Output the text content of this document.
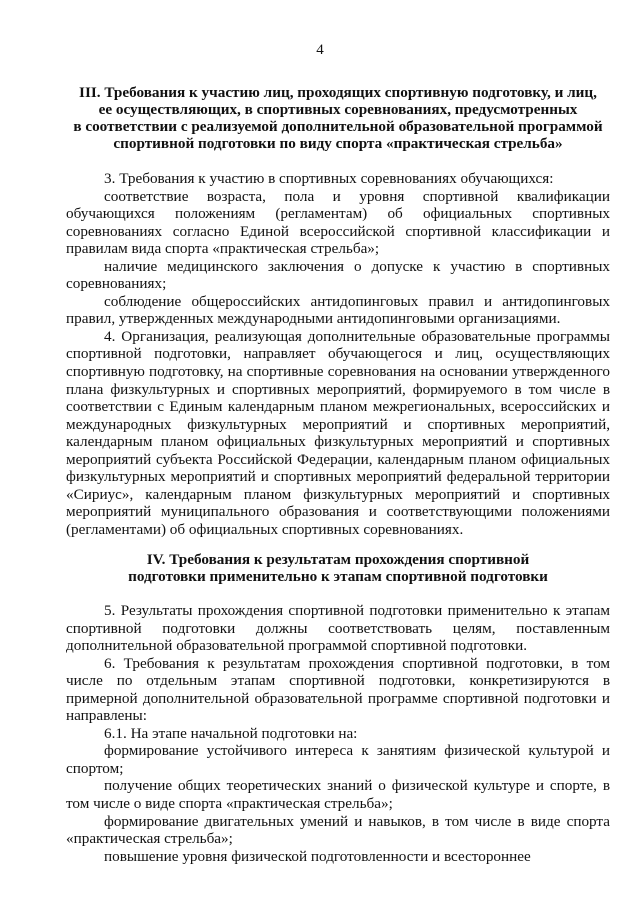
4
III. Требования к участию лиц, проходящих спортивную подготовку, и лиц,
ее осуществляющих, в спортивных соревнованиях, предусмотренных
в соответствии с реализуемой дополнительной образовательной программой
спортивной подготовки по виду спорта «практическая стрельба»

3. Требования к участию в спортивных соревнованиях обучающихся:

соответствие возраста, пола и уровня спортивной квалификации обучающихся положениям (регламентам) об официальных спортивных соревнованиях согласно Единой всероссийской спортивной классификации и правилам вида спорта «практическая стрельба»;

наличие медицинского заключения о допуске к участию в спортивных соревнованиях;

соблюдение общероссийских антидопинговых правил и антидопинговых правил, утвержденных международными антидопинговыми организациями.

4. Организация, реализующая дополнительные образовательные программы спортивной подготовки, направляет обучающегося и лиц, осуществляющих спортивную подготовку, на спортивные соревнования на основании утвержденного плана физкультурных и спортивных мероприятий, формируемого в том числе в соответствии с Единым календарным планом межрегиональных, всероссийских и международных физкультурных мероприятий и спортивных мероприятий, календарным планом официальных физкультурных мероприятий и спортивных мероприятий субъекта Российской Федерации, календарным планом официальных физкультурных мероприятий и спортивных мероприятий федеральной территории «Сириус», календарным планом физкультурных мероприятий и спортивных мероприятий муниципального образования и соответствующими положениями (регламентами) об официальных спортивных соревнованиях.

IV. Требования к результатам прохождения спортивной
подготовки применительно к этапам спортивной подготовки

5. Результаты прохождения спортивной подготовки применительно к этапам спортивной подготовки должны соответствовать целям, поставленным дополнительной образовательной программой спортивной подготовки.

6. Требования к результатам прохождения спортивной подготовки, в том числе по отдельным этапам спортивной подготовки, конкретизируются в примерной дополнительной образовательной программе спортивной подготовки и направлены:

6.1. На этапе начальной подготовки на:

формирование устойчивого интереса к занятиям физической культурой и спортом;

получение общих теоретических знаний о физической культуре и спорте, в том числе о виде спорта «практическая стрельба»;

формирование двигательных умений и навыков, в том числе в виде спорта «практическая стрельба»;

повышение уровня физической подготовленности и всестороннее
